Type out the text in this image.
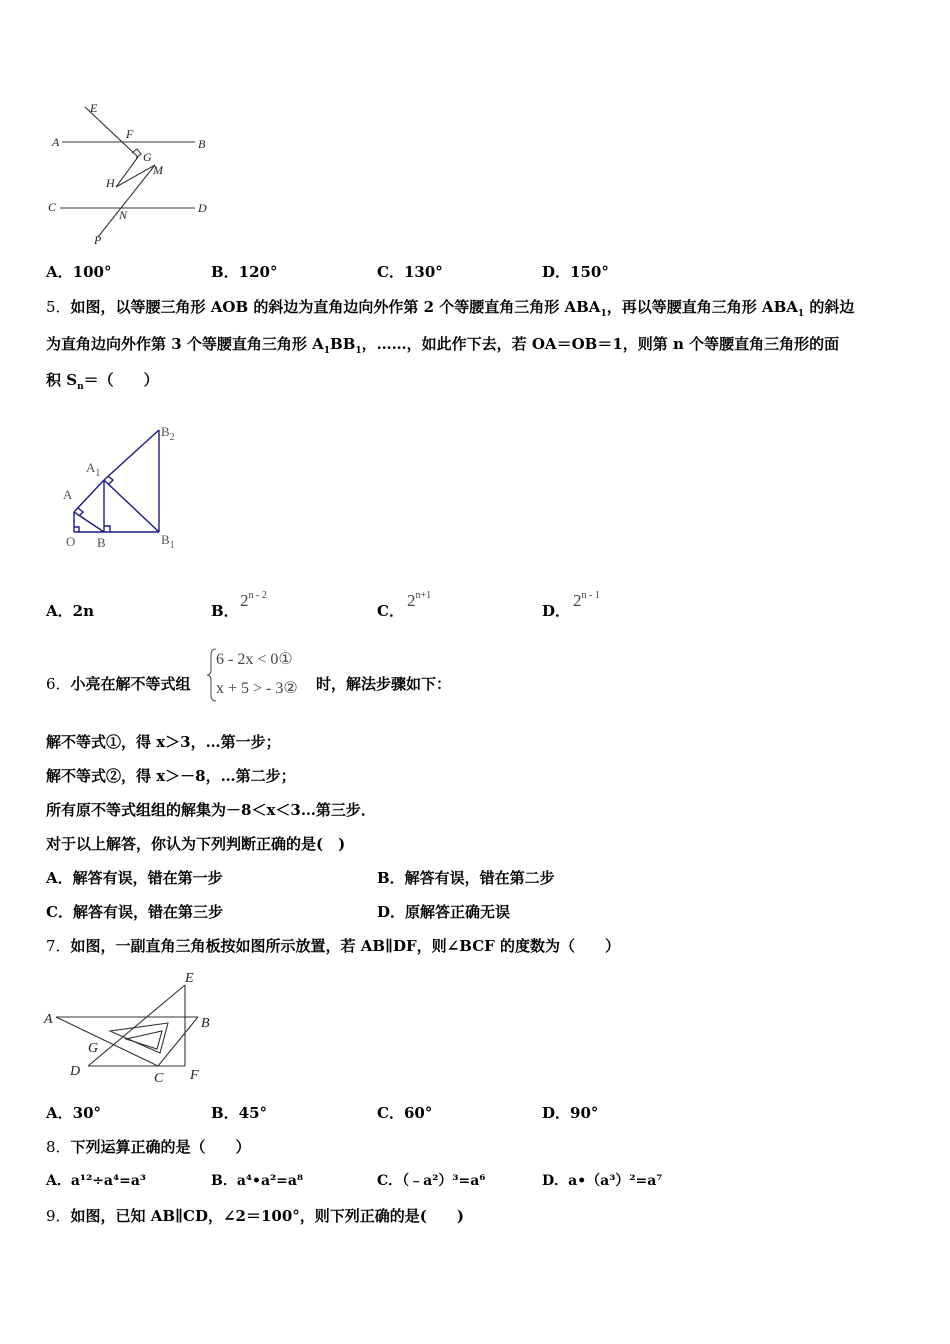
E
F
A	B
G
M
H
C	D
N
P
A．100°	B．120°	C．130°	D．150°
5．如图，以等腰三角形 AOB 的斜边为直角边向外作第 2 个等腰直角三角形 $ABA_1$，再以等腰直角三角形 $ABA_1$ 的斜边
为直角边向外作第 3 个等腰直角三角形 $A_1BB_1$，……，如此作下去，若 OA＝OB＝1，则第 n 个等腰直角三角形的面
积 $S_n=$（　　）
$B_2$
$A_1$
A
O B	$B_1$
A．2n	B．
2$^{n - 2}$
C．
$2^{n+1}$
D．
2$^{n - 1}$
6．小亮在解不等式组
6 - 2x < 0①
x + 5 > - 3② 时，解法步骤如下：
解不等式①，得 x＞3，…第一步；
解不等式②，得 x＞－8，…第二步；
所有原不等式组组的解集为－8＜x＜3…第三步．
对于以上解答，你认为下列判断正确的是(　)
A．解答有误，错在第一步	B．解答有误，错在第二步
C．解答有误，错在第三步	D．原解答正确无误
7．如图，一副直角三角板按如图所示放置，若 AB∥DF，则∠BCF 的度数为（　　）
E
A	B
G
D	C F
A．30°	B．45°	C．60°	D．90°
8．下列运算正确的是（　　）
A．a¹²÷a⁴=a³	B．a⁴•a²=a⁸	C．（﹣a²）³=a⁶	D．a•（a³）²=a⁷
9．如图，已知 AB∥CD，∠2＝100°，则下列正确的是(　　)
